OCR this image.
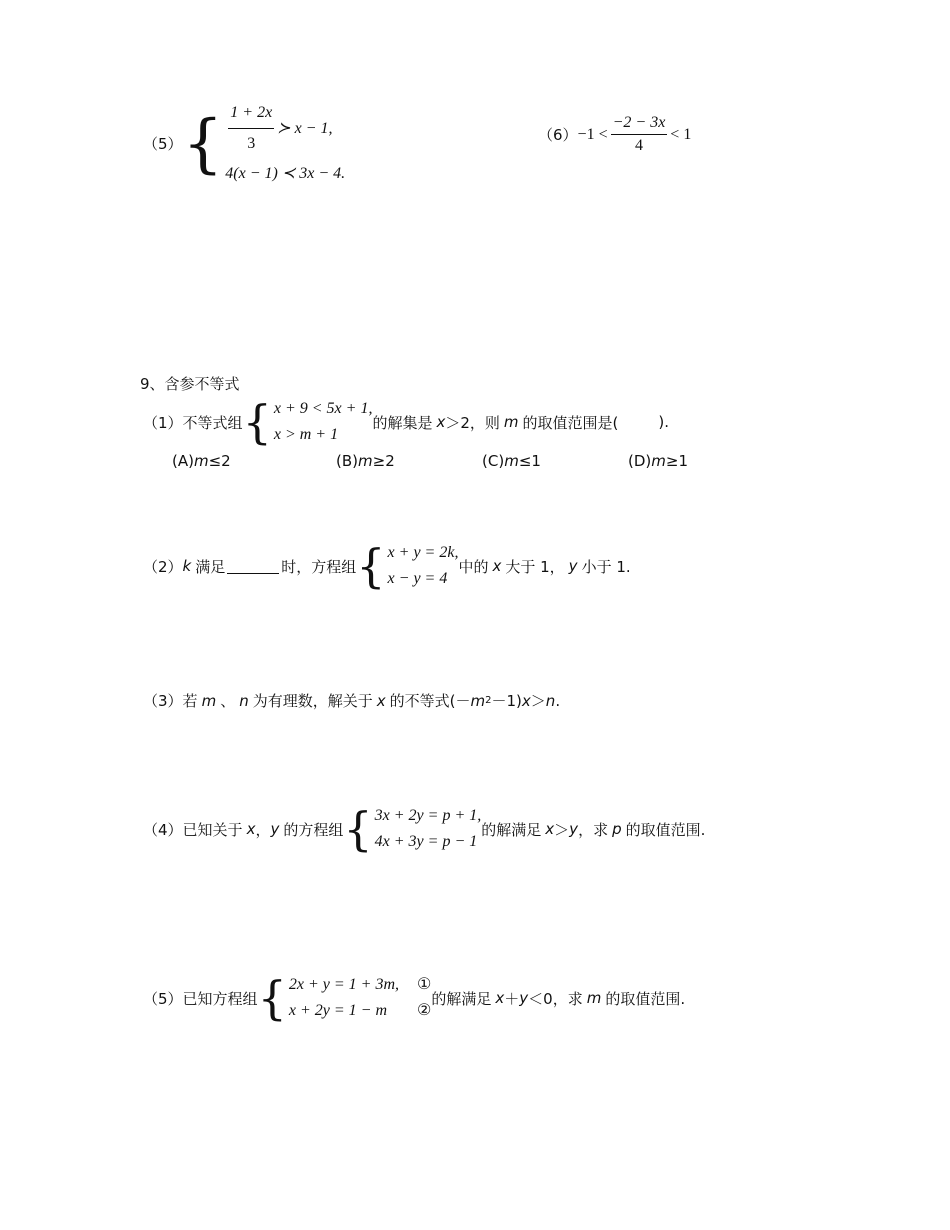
（5） { $\frac{1 + 2x}{3}$ ≻ x − 1,
4(x − 1) ≺ 3x − 4.
$(6) -1 < \frac{-2 - 3x}{4} < 1$
9、含参不等式
（1） 不等式组 { x + 9 < 5x + 1,
x > m + 1
的解集是 x ＞2，则 m 的取值范围是(	).
(A)m≤2	(B)m≥2	(C)m≤1	(D)m≥1
（2） k 满足	时，方程组 { x + y = 2k,
x − y = 4
中的 x 大于 1， y 小于 1.
（3） 若 m 、 n 为有理数，解关于 x 的不等式(－ m 2 －1) x ＞ n .
（4） 已知关于 x ， y 的方程组 { 3x + 2y = p + 1,
4x + 3y = p − 1
的解满足 x ＞ y ，求 p 的取值范围.
（5） 已知方程组 { 2x + y = 1 + 3m,
x + 2y = 1 − m
①
②
的解满足 x ＋ y ＜0，求 m 的取值范围.
